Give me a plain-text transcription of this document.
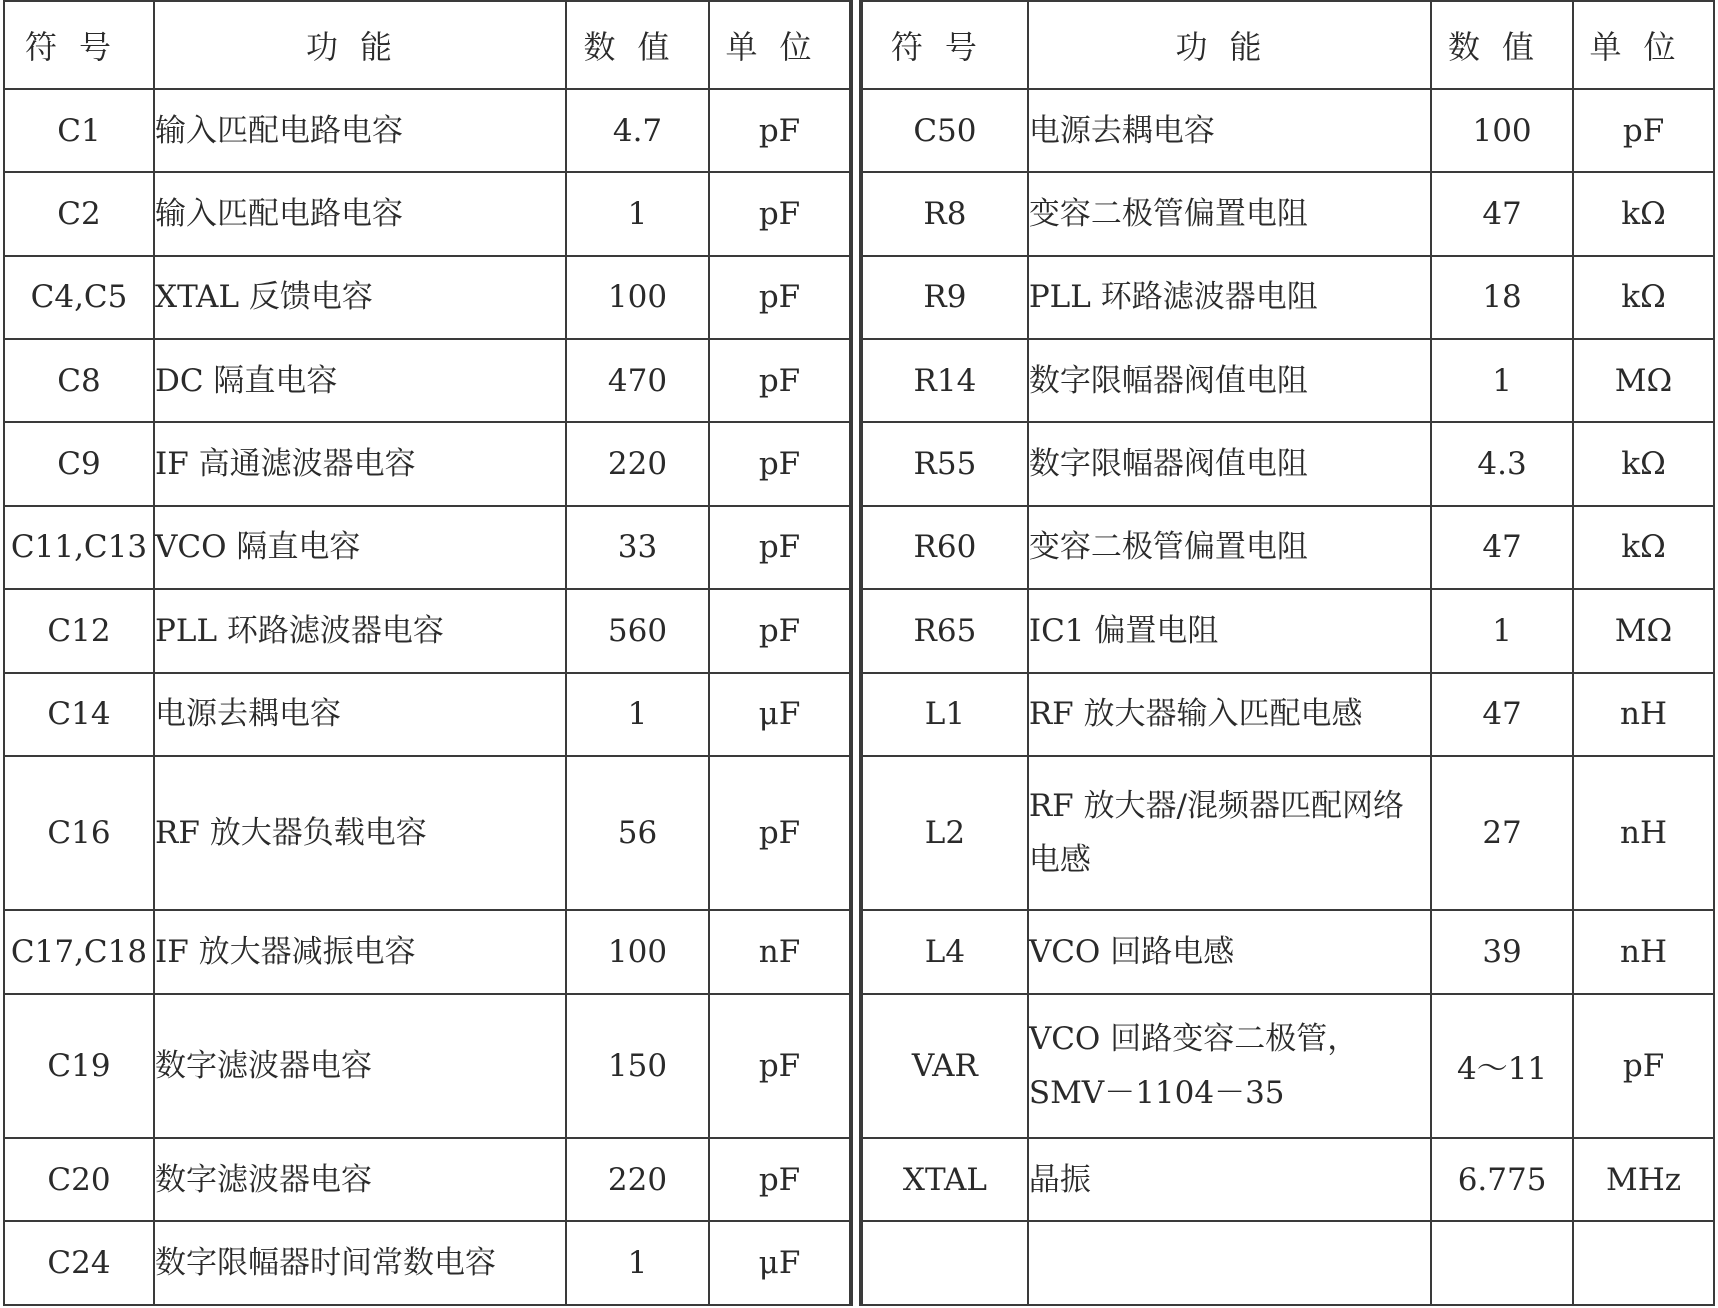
符号	功能	数值	单位
C1	输入匹配电路电容	4.7	pF
C2	输入匹配电路电容	1	pF
C4,C5	XTAL 反馈电容	100	pF
C8	DC 隔直电容	470	pF
C9	IF 高通滤波器电容	220	pF
C11,C13	VCO 隔直电容	33	pF
C12	PLL 环路滤波器电容	560	pF
C14	电源去耦电容	1	μF
C16	RF 放大器负载电容	56	pF
C17,C18	IF 放大器减振电容	100	nF
C19	数字滤波器电容	150	pF
C20	数字滤波器电容	220	pF
C24	数字限幅器时间常数电容	1	μF
符号	功能	数值	单位
C50	电源去耦电容	100	pF
R8	变容二极管偏置电阻	47	kΩ
R9	PLL 环路滤波器电阻	18	kΩ
R14	数字限幅器阀值电阻	1	MΩ
R55	数字限幅器阀值电阻	4.3	kΩ
R60	变容二极管偏置电阻	47	kΩ
R65	IC1 偏置电阻	1	MΩ
L1	RF 放大器输入匹配电感	47	nH
L2	RF 放大器/混频器匹配网络电感	27	nH
L4	VCO 回路电感	39	nH
VAR	VCO 回路变容二极管，SMV－1104－35	4～11	pF
XTAL	晶振	6.775	MHz
